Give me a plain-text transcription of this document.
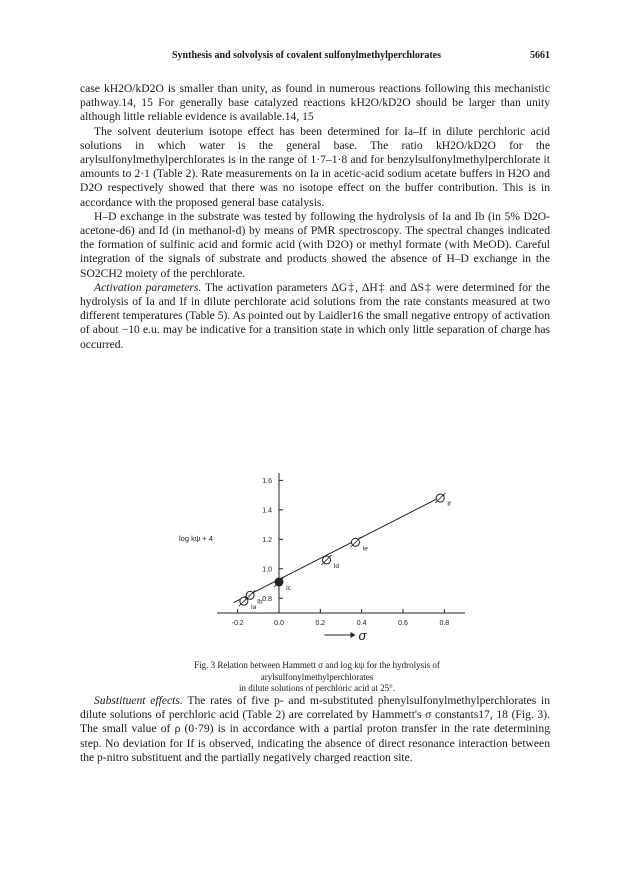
Synthesis and solvolysis of covalent sulfonylmethylperchlorates	5661

case kH2O/kD2O is smaller than unity, as found in numerous reactions following this mechanistic pathway.14, 15 For generally base catalyzed reactions kH2O/kD2O should be larger than unity although little reliable evidence is available.14, 15

The solvent deuterium isotope effect has been determined for Ia–If in dilute perchloric acid solutions in which water is the general base. The ratio kH2O/kD2O for the arylsulfonylmethylperchlorates is in the range of 1·7–1·8 and for benzylsulfonylmethylperchlorate it amounts to 2·1 (Table 2). Rate measurements on Ia in acetic-acid sodium acetate buffers in H2O and D2O respectively showed that there was no isotope effect on the buffer contribution. This is in accordance with the proposed general base catalysis.

H–D exchange in the substrate was tested by following the hydrolysis of Ia and Ib (in 5% D2O-acetone-d6) and Id (in methanol-d) by means of PMR spectroscopy. The spectral changes indicated the formation of sulfinic acid and formic acid (with D2O) or methyl formate (with MeOD). Careful integration of the signals of substrate and products showed the absence of H–D exchange in the SO2CH2 moiety of the perchlorate.

Activation parameters. The activation parameters ΔG‡, ΔH‡ and ΔS‡ were determined for the hydrolysis of Ia and If in dilute perchlorate acid solutions from the rate constants measured at two different temperatures (Table 5). As pointed out by Laidler16 the small negative entropy of activation of about −10 e.u. may be indicative for a transition state in which only little separation of charge has occurred.

-0.2	0.0	0.2	0.4	0.6	0.8
0.8
1.0
1.2
1.4
1.6
log kψ + 4
σ
Ia
Ib
Ic
Id
Ie
If
Fig. 3 Relation between Hammett σ and log kψ for the hydrolysis of arylsulfonylmethylperchlorates
in dilute solutions of perchloric acid at 25°.

Substituent effects. The rates of five p- and m-substituted phenylsulfonylmethylperchlorates in dilute solutions of perchloric acid (Table 2) are correlated by Hammett's σ constants17, 18 (Fig. 3). The small value of ρ (0·79) is in accordance with a partial proton transfer in the rate determining step. No deviation for If is observed, indicating the absence of direct resonance interaction between the p-nitro substituent and the partially negatively charged reaction site.
